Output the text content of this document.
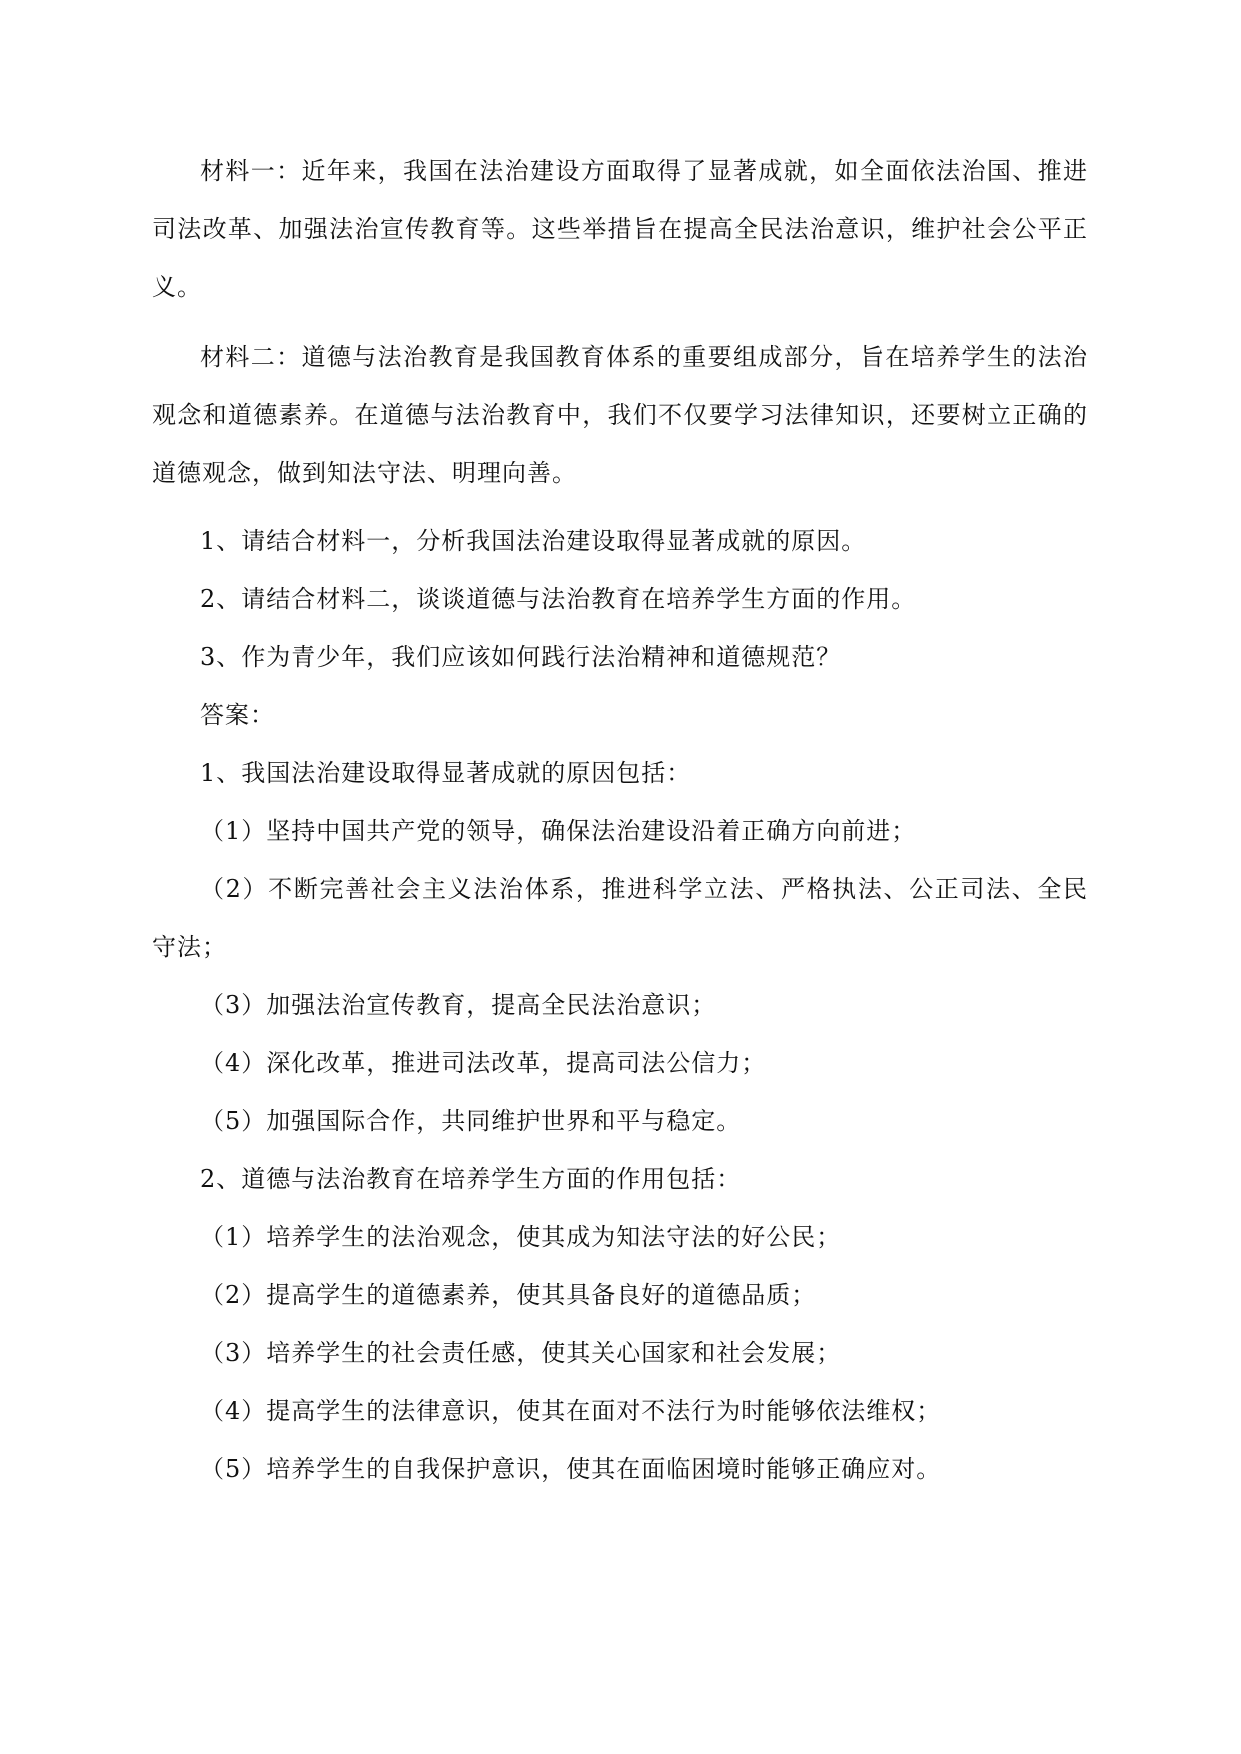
材料一：近年来，我国在法治建设方面取得了显著成就，如全面依法治国、推进司法改革、加强法治宣传教育等。这些举措旨在提高全民法治意识，维护社会公平正义。

材料二：道德与法治教育是我国教育体系的重要组成部分，旨在培养学生的法治观念和道德素养。在道德与法治教育中，我们不仅要学习法律知识，还要树立正确的道德观念，做到知法守法、明理向善。

1、请结合材料一，分析我国法治建设取得显著成就的原因。

2、请结合材料二，谈谈道德与法治教育在培养学生方面的作用。

3、作为青少年，我们应该如何践行法治精神和道德规范？

答案：

1、我国法治建设取得显著成就的原因包括：

（1）坚持中国共产党的领导，确保法治建设沿着正确方向前进；

（2）不断完善社会主义法治体系，推进科学立法、严格执法、公正司法、全民守法；

（3）加强法治宣传教育，提高全民法治意识；

（4）深化改革，推进司法改革，提高司法公信力；

（5）加强国际合作，共同维护世界和平与稳定。

2、道德与法治教育在培养学生方面的作用包括：

（1）培养学生的法治观念，使其成为知法守法的好公民；

（2）提高学生的道德素养，使其具备良好的道德品质；

（3）培养学生的社会责任感，使其关心国家和社会发展；

（4）提高学生的法律意识，使其在面对不法行为时能够依法维权；

（5）培养学生的自我保护意识，使其在面临困境时能够正确应对。
